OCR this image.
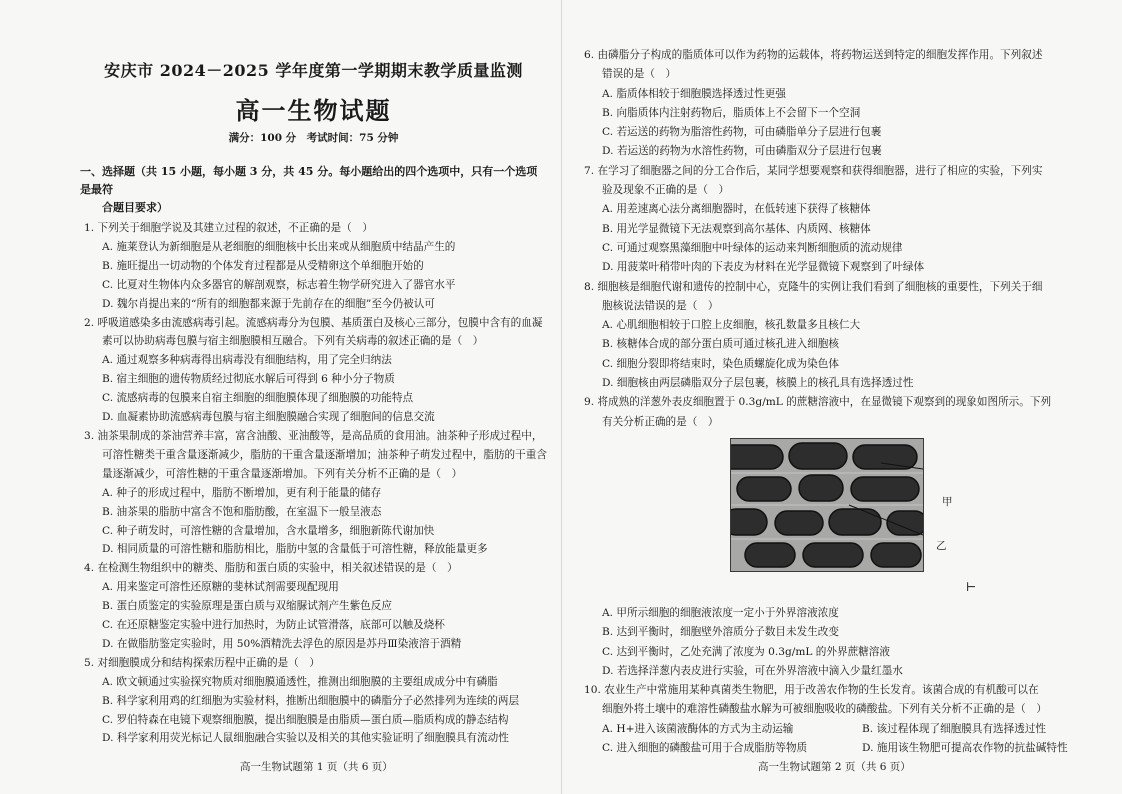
安庆市 2024－2025 学年度第一学期期末教学质量监测
高一生物试题
满分：100 分　考试时间：75 分钟
一、选择题（共 15 小题，每小题 3 分，共 45 分。每小题给出的四个选项中，只有一个选项是最符
合题目要求）
1. 下列关于细胞学说及其建立过程的叙述，不正确的是（　）
A. 施莱登认为新细胞是从老细胞的细胞核中长出来或从细胞质中结晶产生的
B. 施旺提出一切动物的个体发育过程都是从受精卵这个单细胞开始的
C. 比夏对生物体内众多器官的解剖观察，标志着生物学研究进入了器官水平
D. 魏尔肖提出来的“所有的细胞都来源于先前存在的细胞”至今仍被认可
2. 呼吸道感染多由流感病毒引起。流感病毒分为包膜、基质蛋白及核心三部分，包膜中含有的血凝
素可以协助病毒包膜与宿主细胞膜相互融合。下列有关病毒的叙述正确的是（　）
A. 通过观察多种病毒得出病毒没有细胞结构，用了完全归纳法
B. 宿主细胞的遗传物质经过彻底水解后可得到 6 种小分子物质
C. 流感病毒的包膜来自宿主细胞的细胞膜体现了细胞膜的功能特点
D. 血凝素协助流感病毒包膜与宿主细胞膜融合实现了细胞间的信息交流
3. 油茶果制成的茶油营养丰富，富含油酸、亚油酸等，是高品质的食用油。油茶种子形成过程中，
可溶性糖类干重含量逐渐减少，脂肪的干重含量逐渐增加；油茶种子萌发过程中，脂肪的干重含
量逐渐减少，可溶性糖的干重含量逐渐增加。下列有关分析不正确的是（　）
A. 种子的形成过程中，脂肪不断增加，更有利于能量的储存
B. 油茶果的脂肪中富含不饱和脂肪酸，在室温下一般呈液态
C. 种子萌发时，可溶性糖的含量增加，含水量增多，细胞新陈代谢加快
D. 相同质量的可溶性糖和脂肪相比，脂肪中氢的含量低于可溶性糖，释放能量更多
4. 在检测生物组织中的糖类、脂肪和蛋白质的实验中，相关叙述错误的是（　）
A. 用来鉴定可溶性还原糖的斐林试剂需要现配现用
B. 蛋白质鉴定的实验原理是蛋白质与双缩脲试剂产生紫色反应
C. 在还原糖鉴定实验中进行加热时，为防止试管滑落，底部可以触及烧杯
D. 在做脂肪鉴定实验时，用 50%酒精洗去浮色的原因是苏丹Ⅲ染液溶于酒精
5. 对细胞膜成分和结构探索历程中正确的是（　）
A. 欧文顿通过实验探究物质对细胞膜通透性，推测出细胞膜的主要组成成分中有磷脂
B. 科学家利用鸡的红细胞为实验材料，推断出细胞膜中的磷脂分子必然排列为连续的两层
C. 罗伯特森在电镜下观察细胞膜，提出细胞膜是由脂质—蛋白质—脂质构成的静态结构
D. 科学家利用荧光标记人鼠细胞融合实验以及相关的其他实验证明了细胞膜具有流动性
高一生物试题第 1 页（共 6 页）
6. 由磷脂分子构成的脂质体可以作为药物的运载体，将药物运送到特定的细胞发挥作用。下列叙述
错误的是（　）
A. 脂质体相较于细胞膜选择透过性更强
B. 向脂质体内注射药物后，脂质体上不会留下一个空洞
C. 若运送的药物为脂溶性药物，可由磷脂单分子层进行包裹
D. 若运送的药物为水溶性药物，可由磷脂双分子层进行包裹
7. 在学习了细胞器之间的分工合作后，某同学想要观察和获得细胞器，进行了相应的实验，下列实
验及现象不正确的是（　）
A. 用差速离心法分离细胞器时，在低转速下获得了核糖体
B. 用光学显微镜下无法观察到高尔基体、内质网、核糖体
C. 可通过观察黑藻细胞中叶绿体的运动来判断细胞质的流动规律
D. 用菠菜叶稍带叶肉的下表皮为材料在光学显微镜下观察到了叶绿体
8. 细胞核是细胞代谢和遗传的控制中心，克隆牛的实例让我们看到了细胞核的重要性，下列关于细
胞核说法错误的是（　）
A. 心肌细胞相较于口腔上皮细胞，核孔数量多且核仁大
B. 核糖体合成的部分蛋白质可通过核孔进入细胞核
C. 细胞分裂即将结束时，染色质螺旋化成为染色体
D. 细胞核由两层磷脂双分子层包裹，核膜上的核孔具有选择透过性
9. 将成熟的洋葱外表皮细胞置于 0.3g/mL 的蔗糖溶液中，在显微镜下观察到的现象如图所示。下列
有关分析正确的是（　）
甲
乙
⊢
A. 甲所示细胞的细胞液浓度一定小于外界溶液浓度
B. 达到平衡时，细胞壁外溶质分子数目未发生改变
C. 达到平衡时，乙处充满了浓度为 0.3g/mL 的外界蔗糖溶液
D. 若选择洋葱内表皮进行实验，可在外界溶液中滴入少量红墨水
10. 农业生产中常施用某种真菌类生物肥，用于改善农作物的生长发育。该菌合成的有机酸可以在
细胞外将土壤中的难溶性磷酸盐水解为可被细胞吸收的磷酸盐。下列有关分析不正确的是（　）
A. H+进入该菌液酶体的方式为主动运输	B. 该过程体现了细胞膜具有选择透过性
C. 进入细胞的磷酸盐可用于合成脂肪等物质	D. 施用该生物肥可提高农作物的抗盐碱特性
高一生物试题第 2 页（共 6 页）
